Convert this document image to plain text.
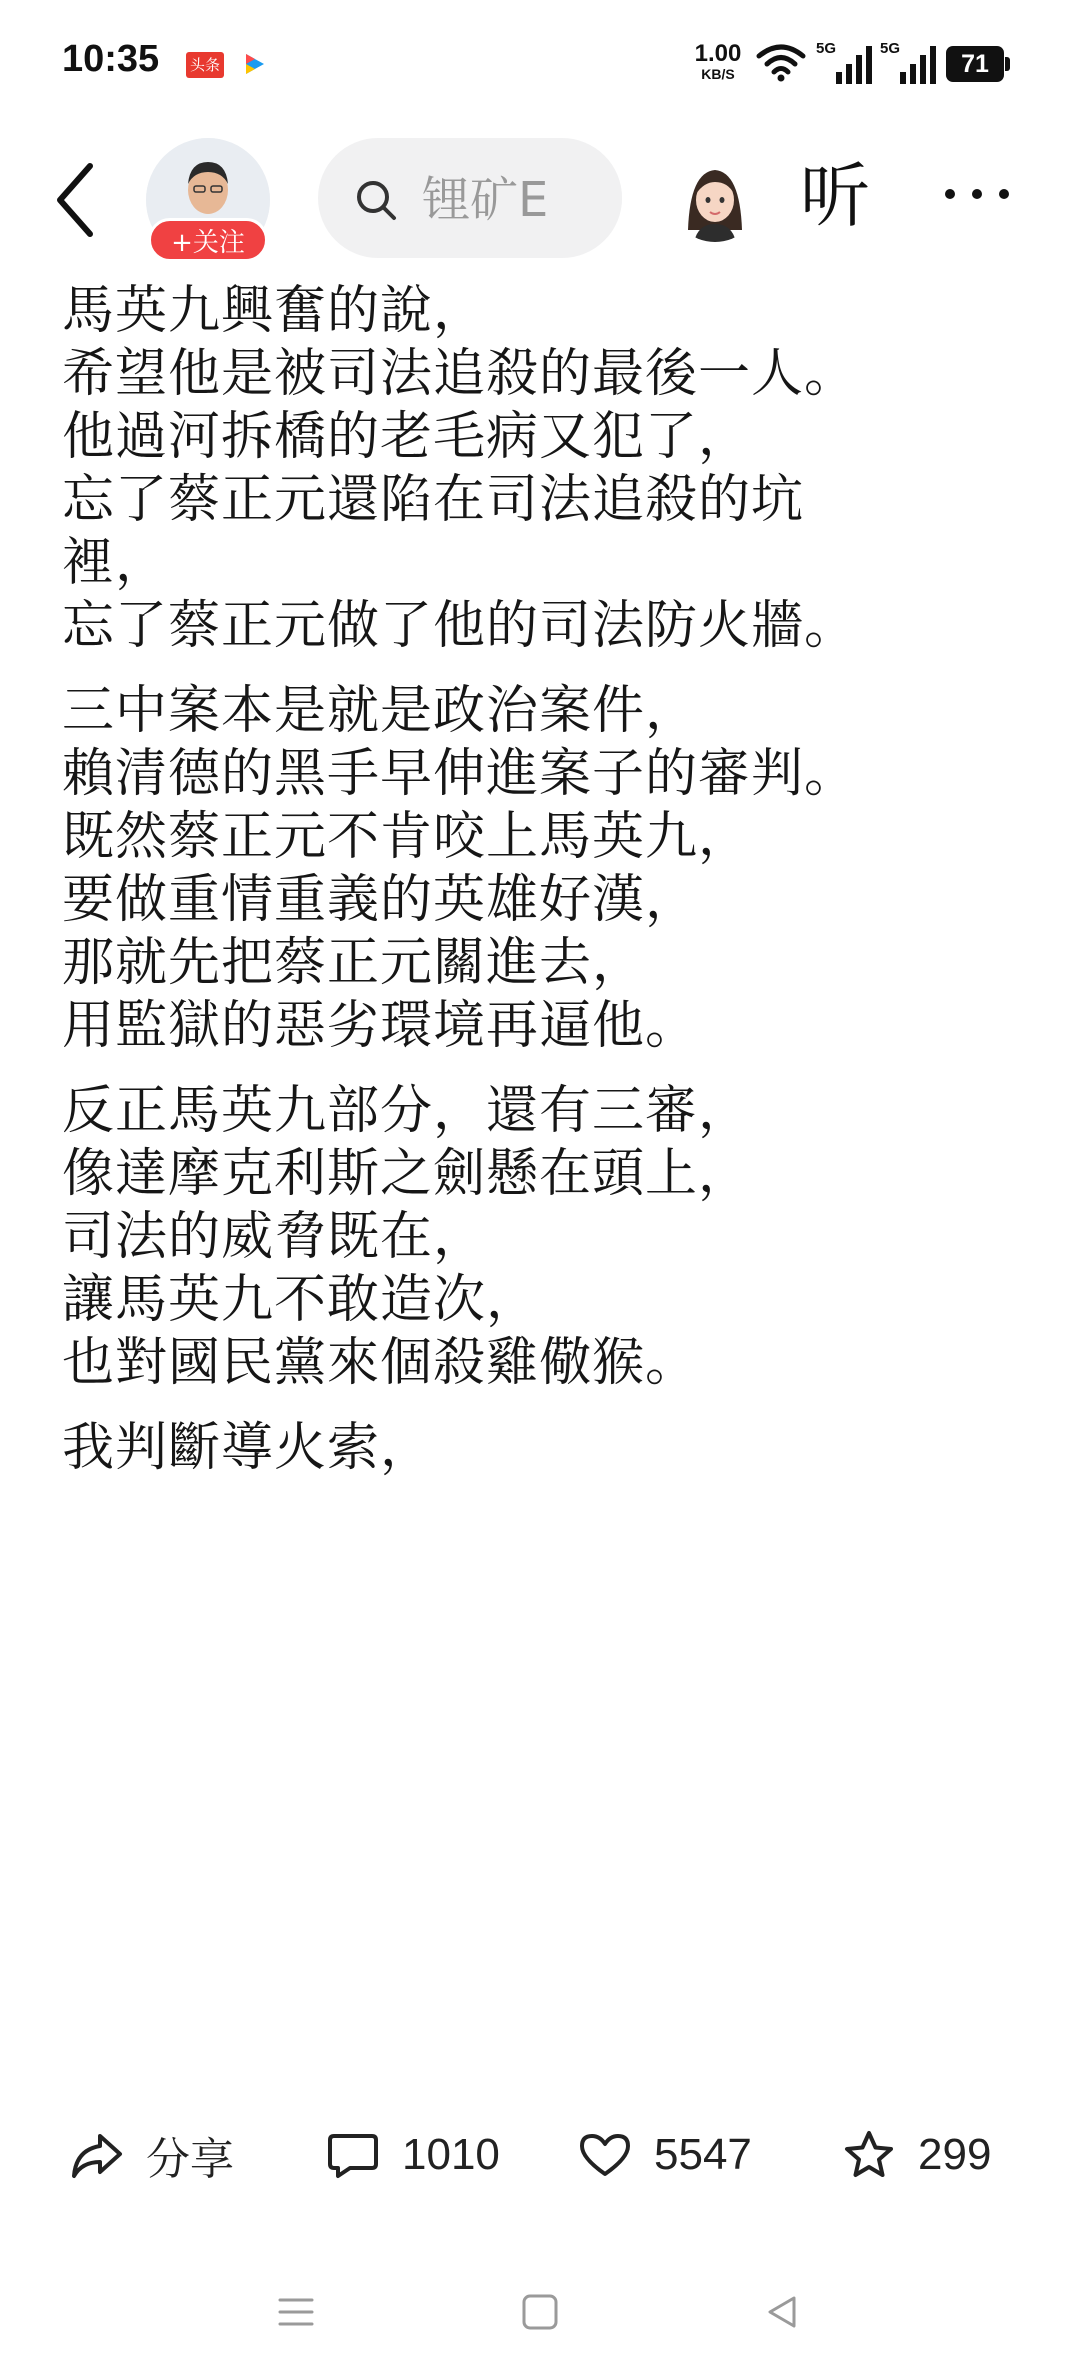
10:35 头条	1.00
KB/S
5G	5G
71
+关注
锂矿E	听
馬英九興奮的說，
希望他是被司法追殺的最後一人。
他過河拆橋的老毛病又犯了，
忘了蔡正元還陷在司法追殺的坑
裡，
忘了蔡正元做了他的司法防火牆。
三中案本是就是政治案件，
賴清德的黑手早伸進案子的審判。
既然蔡正元不肯咬上馬英九，
要做重情重義的英雄好漢，
那就先把蔡正元關進去，
用監獄的惡劣環境再逼他。
反正馬英九部分，還有三審，
像達摩克利斯之劍懸在頭上，
司法的威脅既在，
讓馬英九不敢造次，
也對國民黨來個殺雞儆猴。
我判斷導火索，
分享	1010	5547	299
